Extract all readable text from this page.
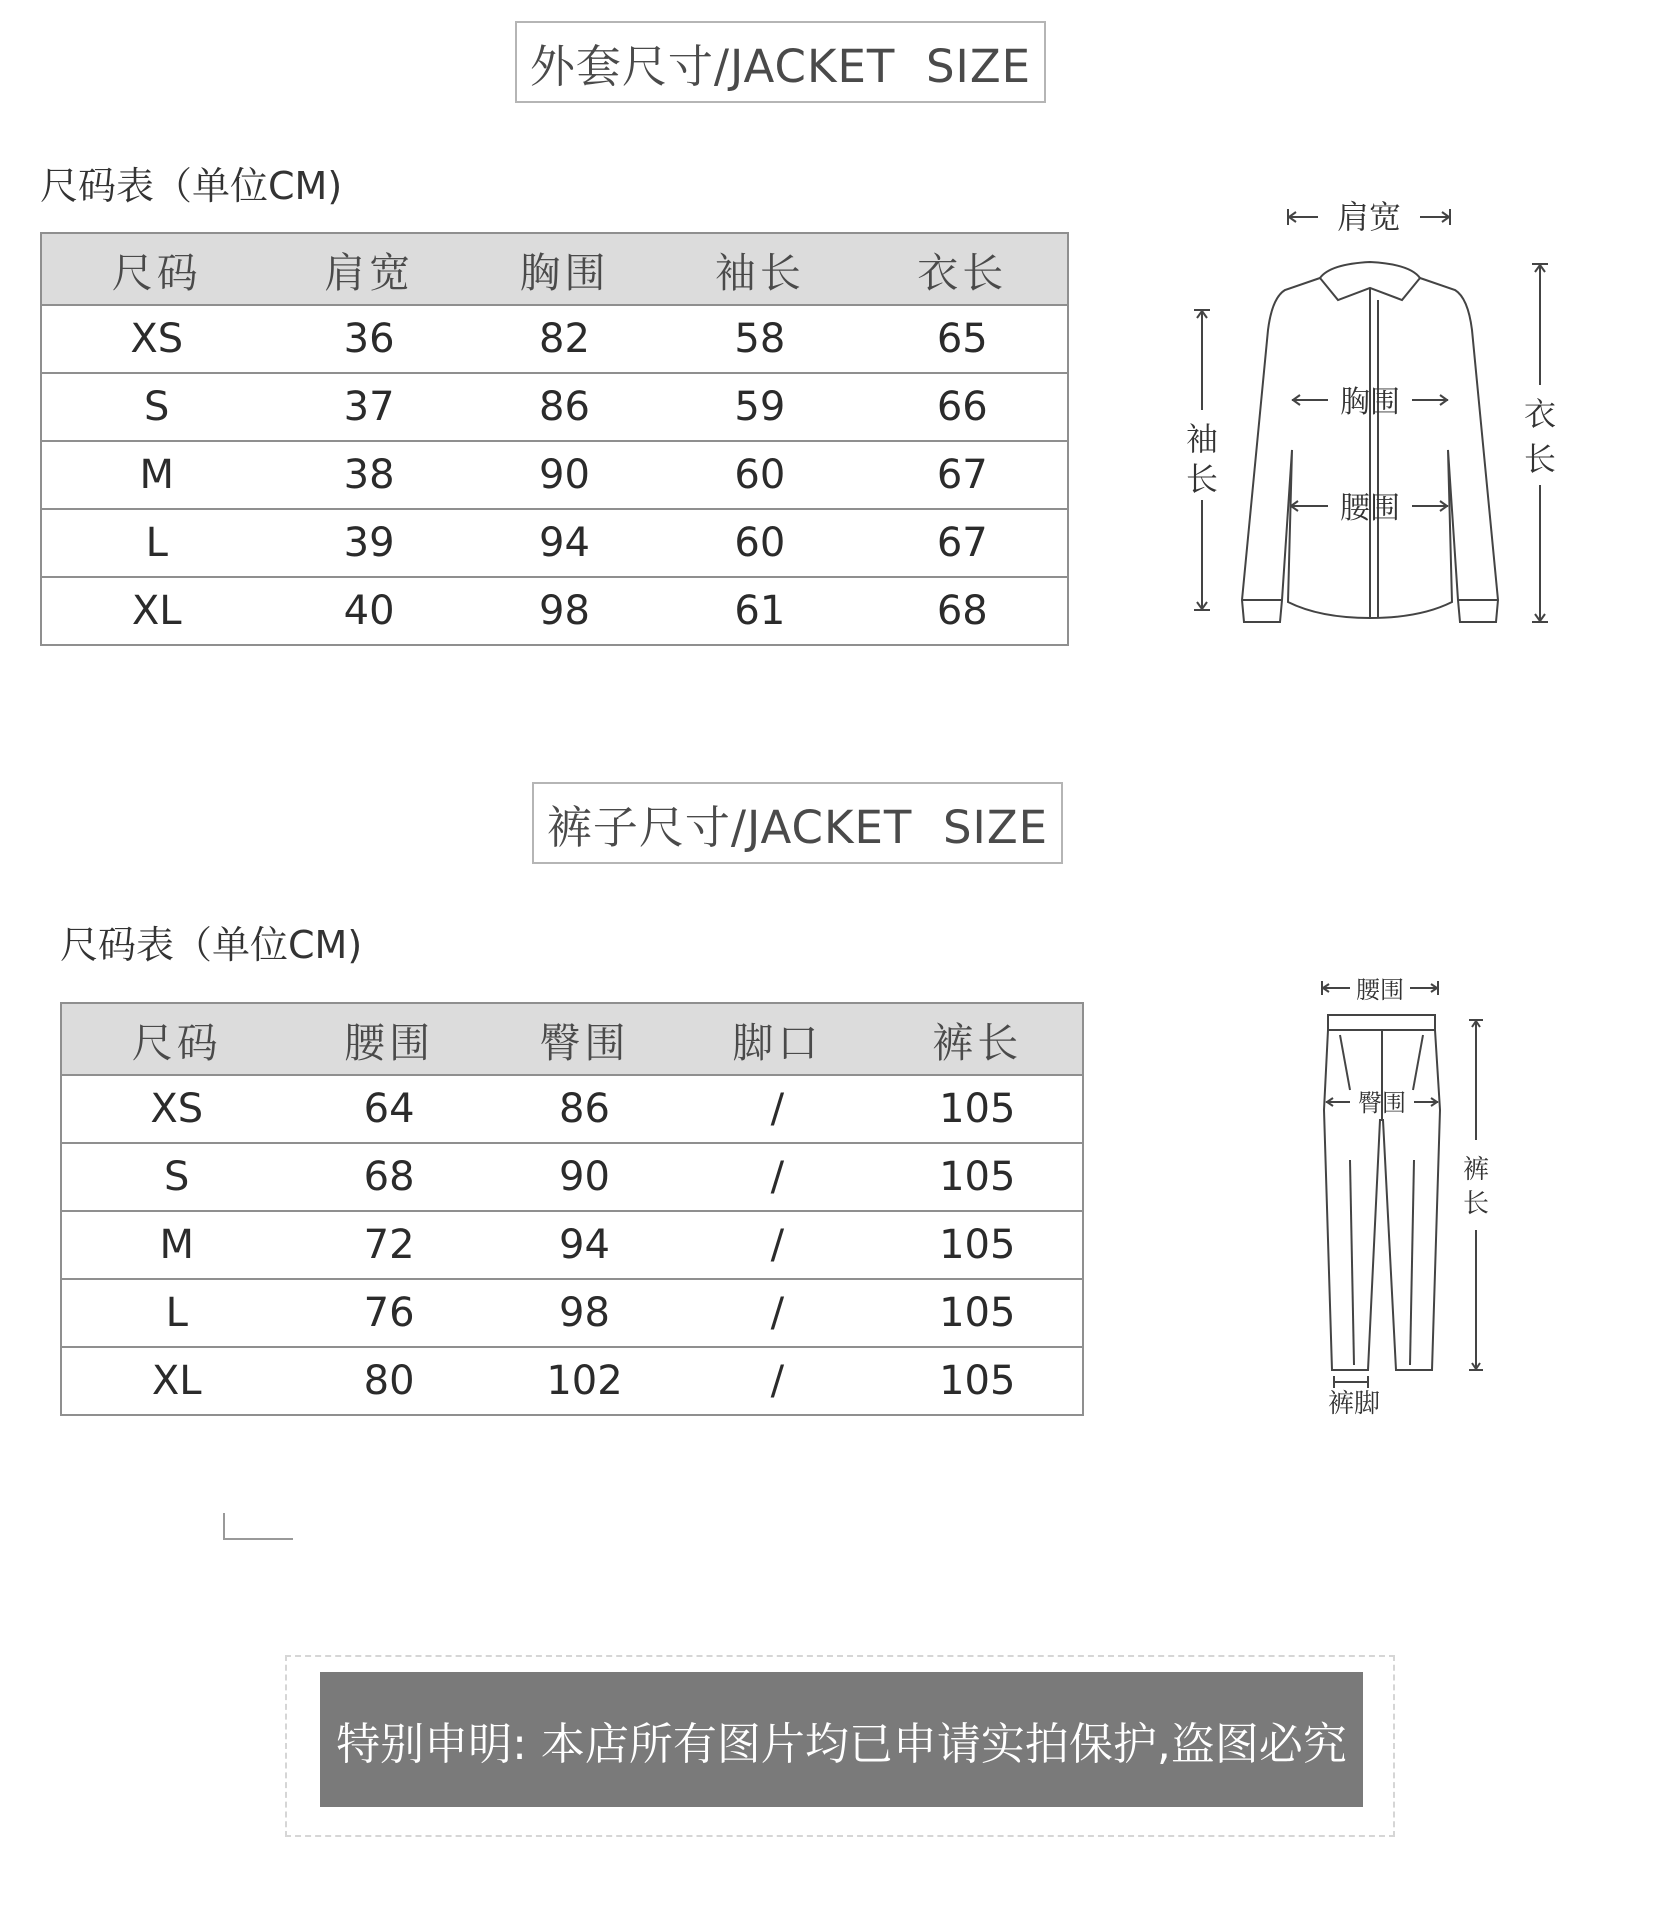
外套尺寸/JACKET  SIZE
尺码表（单位CM)
尺码	肩宽	胸围	袖长	衣长
XS	36	82	58	65
S	37	86	59	66
M	38	90	60	67
L	39	94	60	67
XL	40	98	61	68
肩宽
胸围
腰围
袖
长
衣
长
裤子尺寸/JACKET  SIZE
尺码表（单位CM)
尺码	腰围	臀围	脚口	裤长
XS	64	86	/	105
S	68	90	/	105
M	72	94	/	105
L	76	98	/	105
XL	80	102	/	105
腰围
臀围
裤
长
裤脚
特别申明: 本店所有图片均已申请实拍保护,盗图必究
